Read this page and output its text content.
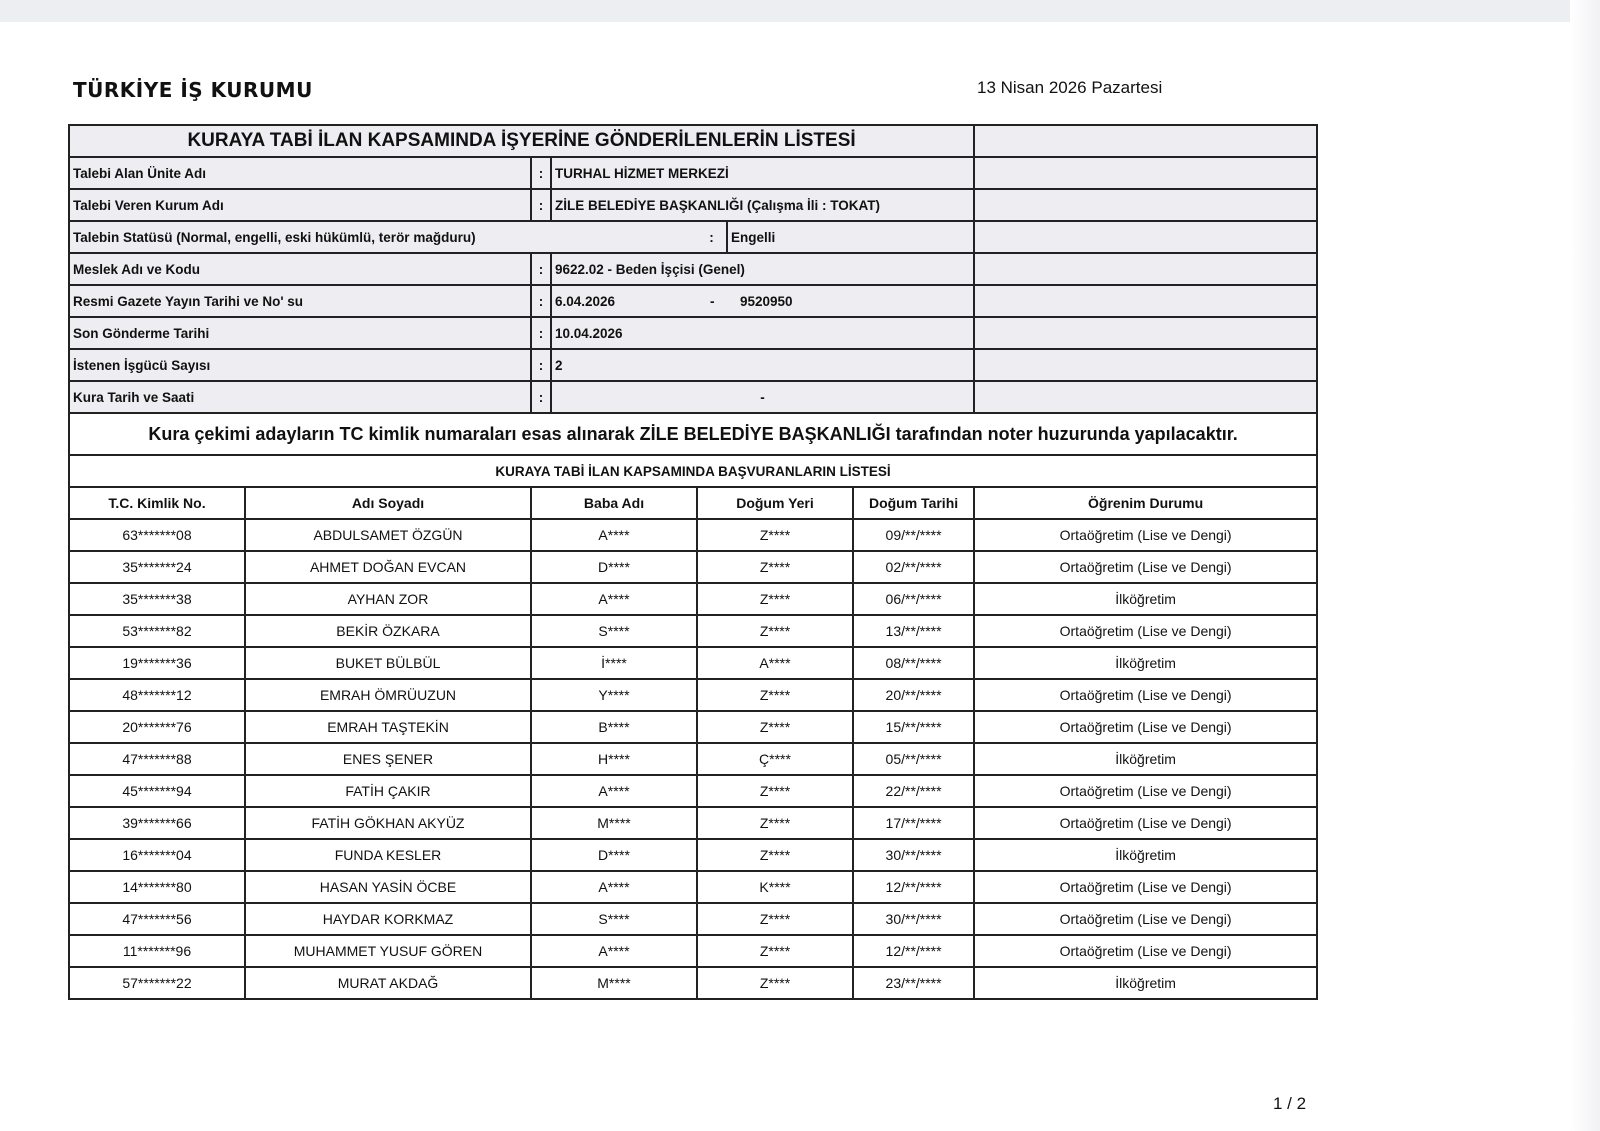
TÜRKİYE İŞ KURUMU	13 Nisan 2026 Pazartesi
KURAYA TABİ İLAN KAPSAMINDA İŞYERİNE GÖNDERİLENLERİN LİSTESİ							
Talebi Alan Ünite Adı		:	TURHAL HİZMET MERKEZİ				
Talebi Veren Kurum Adı		:	ZİLE BELEDİYE BAŞKANLIĞI (Çalışma İli : TOKAT)				
Talebin Statüsü (Normal, engelli, eski hükümlü, terör mağduru)				:	Engelli		
Meslek Adı ve Kodu		:	9622.02 - Beden İşçisi (Genel)				
Resmi Gazete Yayın Tarihi ve No' su		:	6.04.2026 - 9520950				
Son Gönderme Tarihi		:	10.04.2026				
İstenen İşgücü Sayısı		:	2				
Kura Tarih ve Saati		:	-				
Kura çekimi adayların TC kimlik numaraları esas alınarak ZİLE BELEDİYE BAŞKANLIĞI tarafından noter huzurunda yapılacaktır.							
KURAYA TABİ İLAN KAPSAMINDA BAŞVURANLARIN LİSTESİ							
T.C. Kimlik No.	Adı Soyadı	Baba Adı		Doğum Yeri		Doğum Tarihi	Öğrenim Durumu
63*******08	ABDULSAMET ÖZGÜN	A****		Z****		09/**/****	Ortaöğretim (Lise ve Dengi)
35*******24	AHMET DOĞAN EVCAN	D****		Z****		02/**/****	Ortaöğretim (Lise ve Dengi)
35*******38	AYHAN ZOR	A****		Z****		06/**/****	İlköğretim
53*******82	BEKİR ÖZKARA	S****		Z****		13/**/****	Ortaöğretim (Lise ve Dengi)
19*******36	BUKET BÜLBÜL	İ****		A****		08/**/****	İlköğretim
48*******12	EMRAH ÖMRÜUZUN	Y****		Z****		20/**/****	Ortaöğretim (Lise ve Dengi)
20*******76	EMRAH TAŞTEKİN	B****		Z****		15/**/****	Ortaöğretim (Lise ve Dengi)
47*******88	ENES ŞENER	H****		Ç****		05/**/****	İlköğretim
45*******94	FATİH ÇAKIR	A****		Z****		22/**/****	Ortaöğretim (Lise ve Dengi)
39*******66	FATİH GÖKHAN AKYÜZ	M****		Z****		17/**/****	Ortaöğretim (Lise ve Dengi)
16*******04	FUNDA KESLER	D****		Z****		30/**/****	İlköğretim
14*******80	HASAN YASİN ÖCBE	A****		K****		12/**/****	Ortaöğretim (Lise ve Dengi)
47*******56	HAYDAR KORKMAZ	S****		Z****		30/**/****	Ortaöğretim (Lise ve Dengi)
11*******96	MUHAMMET YUSUF GÖREN	A****		Z****		12/**/****	Ortaöğretim (Lise ve Dengi)
57*******22	MURAT AKDAĞ	M****		Z****		23/**/****	İlköğretim
1 / 2
